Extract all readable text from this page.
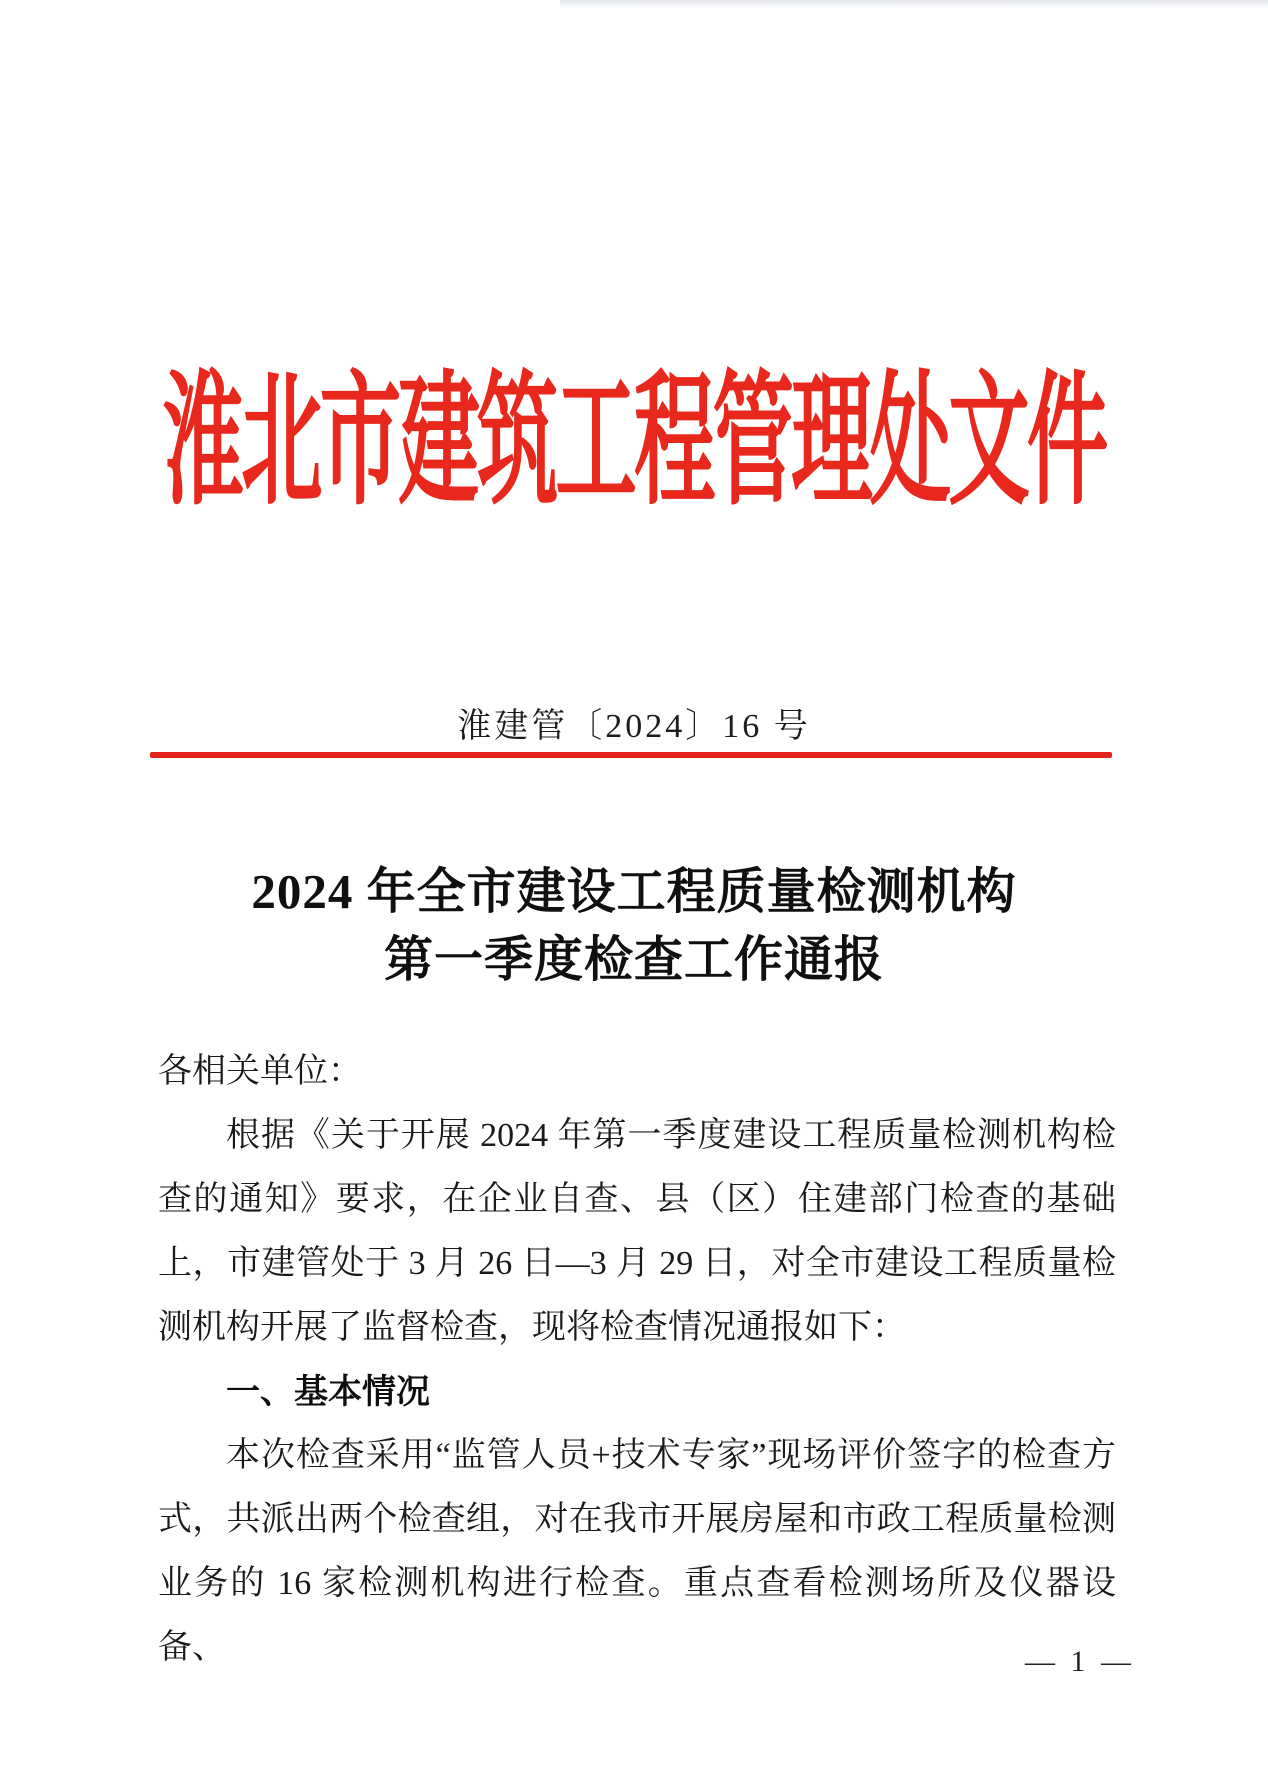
淮北市建筑工程管理处文件
淮建管〔2024〕16 号
2024 年全市建设工程质量检测机构
第一季度检查工作通报

各相关单位：

根据《关于开展 2024 年第一季度建设工程质量检测机构检查的通知》要求，在企业自查、县（区）住建部门检查的基础上，市建管处于 3 月 26 日—3 月 29 日，对全市建设工程质量检测机构开展了监督检查，现将检查情况通报如下：

一、基本情况

本次检查采用“监管人员+技术专家”现场评价签字的检查方式，共派出两个检查组，对在我市开展房屋和市政工程质量检测业务的 16 家检测机构进行检查。重点查看检测场所及仪器设备、	— 1 —
